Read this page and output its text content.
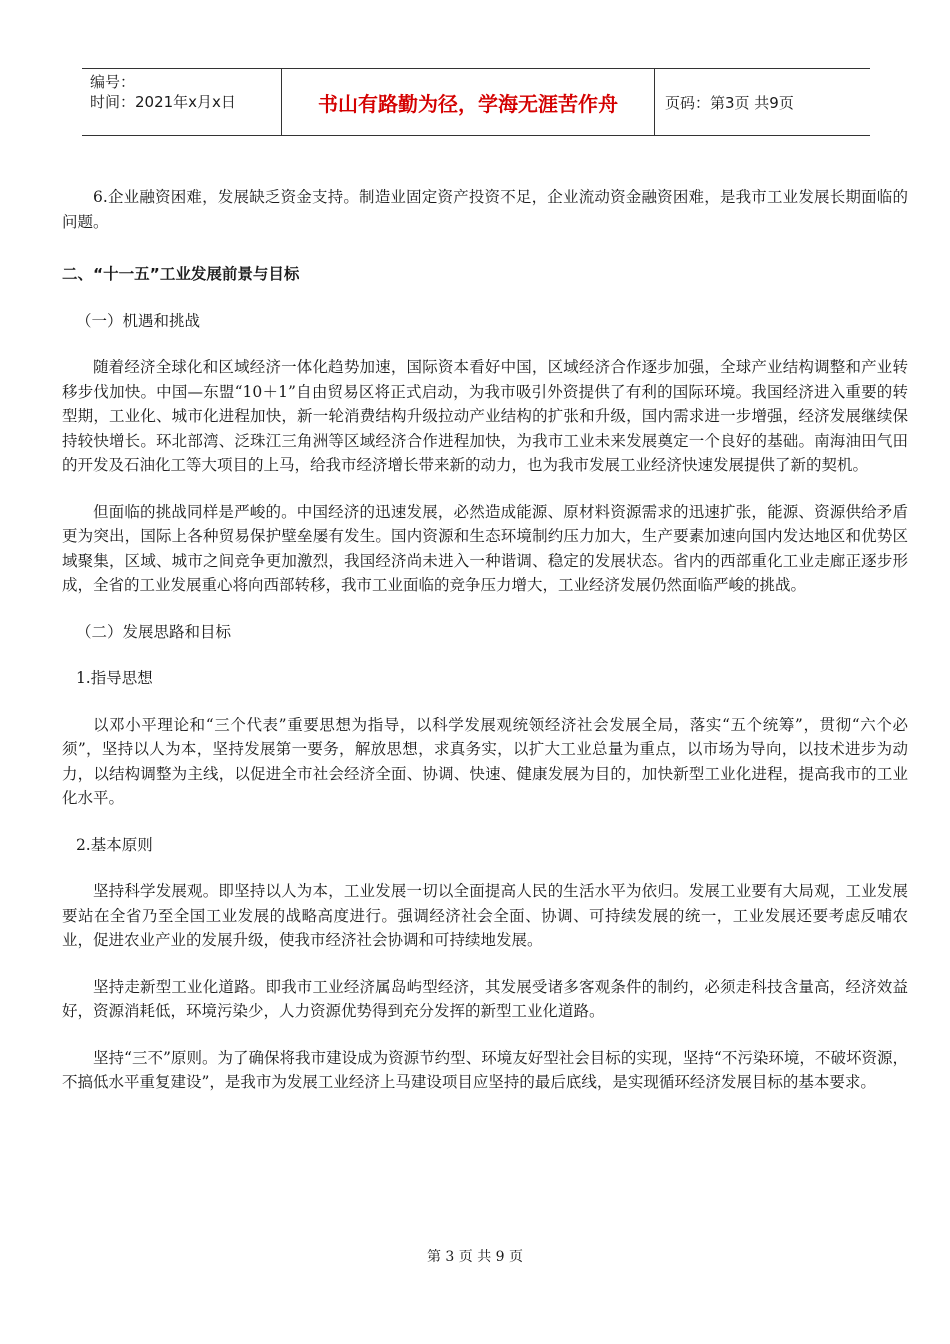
编号：
时间：2021年x月x日	书山有路勤为径，学海无涯苦作舟	页码：第3页 共9页

6.企业融资困难，发展缺乏资金支持。制造业固定资产投资不足，企业流动资金融资困难，是我市工业发展长期面临的问题。

二、“十一五”工业发展前景与目标

（一）机遇和挑战

随着经济全球化和区域经济一体化趋势加速，国际资本看好中国，区域经济合作逐步加强，全球产业结构调整和产业转移步伐加快。中国—东盟“10＋1”自由贸易区将正式启动，为我市吸引外资提供了有利的国际环境。我国经济进入重要的转型期，工业化、城市化进程加快，新一轮消费结构升级拉动产业结构的扩张和升级，国内需求进一步增强，经济发展继续保持较快增长。环北部湾、泛珠江三角洲等区域经济合作进程加快，为我市工业未来发展奠定一个良好的基础。南海油田气田的开发及石油化工等大项目的上马，给我市经济增长带来新的动力，也为我市发展工业经济快速发展提供了新的契机。

但面临的挑战同样是严峻的。中国经济的迅速发展，必然造成能源、原材料资源需求的迅速扩张，能源、资源供给矛盾更为突出，国际上各种贸易保护壁垒屡有发生。国内资源和生态环境制约压力加大，生产要素加速向国内发达地区和优势区域聚集，区域、城市之间竞争更加激烈，我国经济尚未进入一种谐调、稳定的发展状态。省内的西部重化工业走廊正逐步形成，全省的工业发展重心将向西部转移，我市工业面临的竞争压力增大，工业经济发展仍然面临严峻的挑战。

（二）发展思路和目标

1.指导思想

以邓小平理论和“三个代表”重要思想为指导，以科学发展观统领经济社会发展全局，落实“五个统筹”，贯彻“六个必须”，坚持以人为本，坚持发展第一要务，解放思想，求真务实，以扩大工业总量为重点，以市场为导向，以技术进步为动力，以结构调整为主线，以促进全市社会经济全面、协调、快速、健康发展为目的，加快新型工业化进程，提高我市的工业化水平。

2.基本原则

坚持科学发展观。即坚持以人为本，工业发展一切以全面提高人民的生活水平为依归。发展工业要有大局观，工业发展要站在全省乃至全国工业发展的战略高度进行。强调经济社会全面、协调、可持续发展的统一，工业发展还要考虑反哺农业，促进农业产业的发展升级，使我市经济社会协调和可持续地发展。

坚持走新型工业化道路。即我市工业经济属岛屿型经济，其发展受诸多客观条件的制约，必须走科技含量高，经济效益好，资源消耗低，环境污染少，人力资源优势得到充分发挥的新型工业化道路。

坚持“三不”原则。为了确保将我市建设成为资源节约型、环境友好型社会目标的实现，坚持“不污染环境，不破坏资源，不搞低水平重复建设”，是我市为发展工业经济上马建设项目应坚持的最后底线，是实现循环经济发展目标的基本要求。

第 3 页 共 9 页
